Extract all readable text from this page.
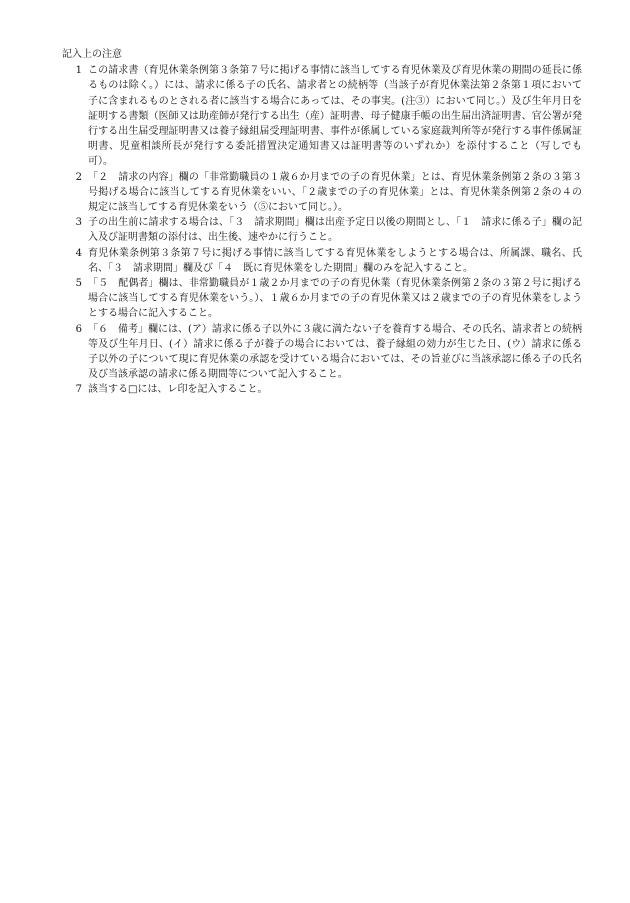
記入上の注意
1 この請求書（育児休業条例第３条第７号に掲げる事情に該当してする育児休業及び育児休業の期間の延長に係るものは除く。）には、請求に係る子の氏名、請求者との続柄等（当該子が育児休業法第２条第１項において子に含まれるものとされる者に該当する場合にあっては、その事実。(注③）において同じ。）及び生年月日を証明する書類（医師又は助産師が発行する出生（産）証明書、母子健康手帳の出生届出済証明書、官公署が発行する出生届受理証明書又は養子縁組届受理証明書、事件が係属している家庭裁判所等が発行する事件係属証明書、児童相談所長が発行する委託措置決定通知書又は証明書等のいずれか）を添付すること（写しでも可）。
2 「２　請求の内容」欄の「非常勤職員の１歳６か月までの子の育児休業」とは、育児休業条例第２条の３第３号掲げる場合に該当してする育児休業をいい、「２歳までの子の育児休業」とは、育児休業条例第２条の４の規定に該当してする育児休業をいう（⑤において同じ。）。
3 子の出生前に請求する場合は、「３　請求期間」欄は出産予定日以後の期間とし、「１　請求に係る子」欄の記入及び証明書類の添付は、出生後、速やかに行うこと。
4 育児休業条例第３条第７号に掲げる事情に該当してする育児休業をしようとする場合は、所属課、職名、氏名、「３　請求期間」欄及び「４　既に育児休業をした期間」欄のみを記入すること。
5 「５　配偶者」欄は、非常勤職員が１歳２か月までの子の育児休業（育児休業条例第２条の３第２号に掲げる場合に該当してする育児休業をいう。）、１歳６か月までの子の育児休業又は２歳までの子の育児休業をしようとする場合に記入すること。
6 「６　備考」欄には、(ア）請求に係る子以外に３歳に満たない子を養育する場合、その氏名、請求者との続柄等及び生年月日、(イ）請求に係る子が養子の場合においては、養子縁組の効力が生じた日、(ウ）請求に係る子以外の子について現に育児休業の承認を受けている場合においては、その旨並びに当該承認に係る子の氏名及び当該承認の請求に係る期間等について記入すること。
7 該当する□には、レ印を記入すること。
